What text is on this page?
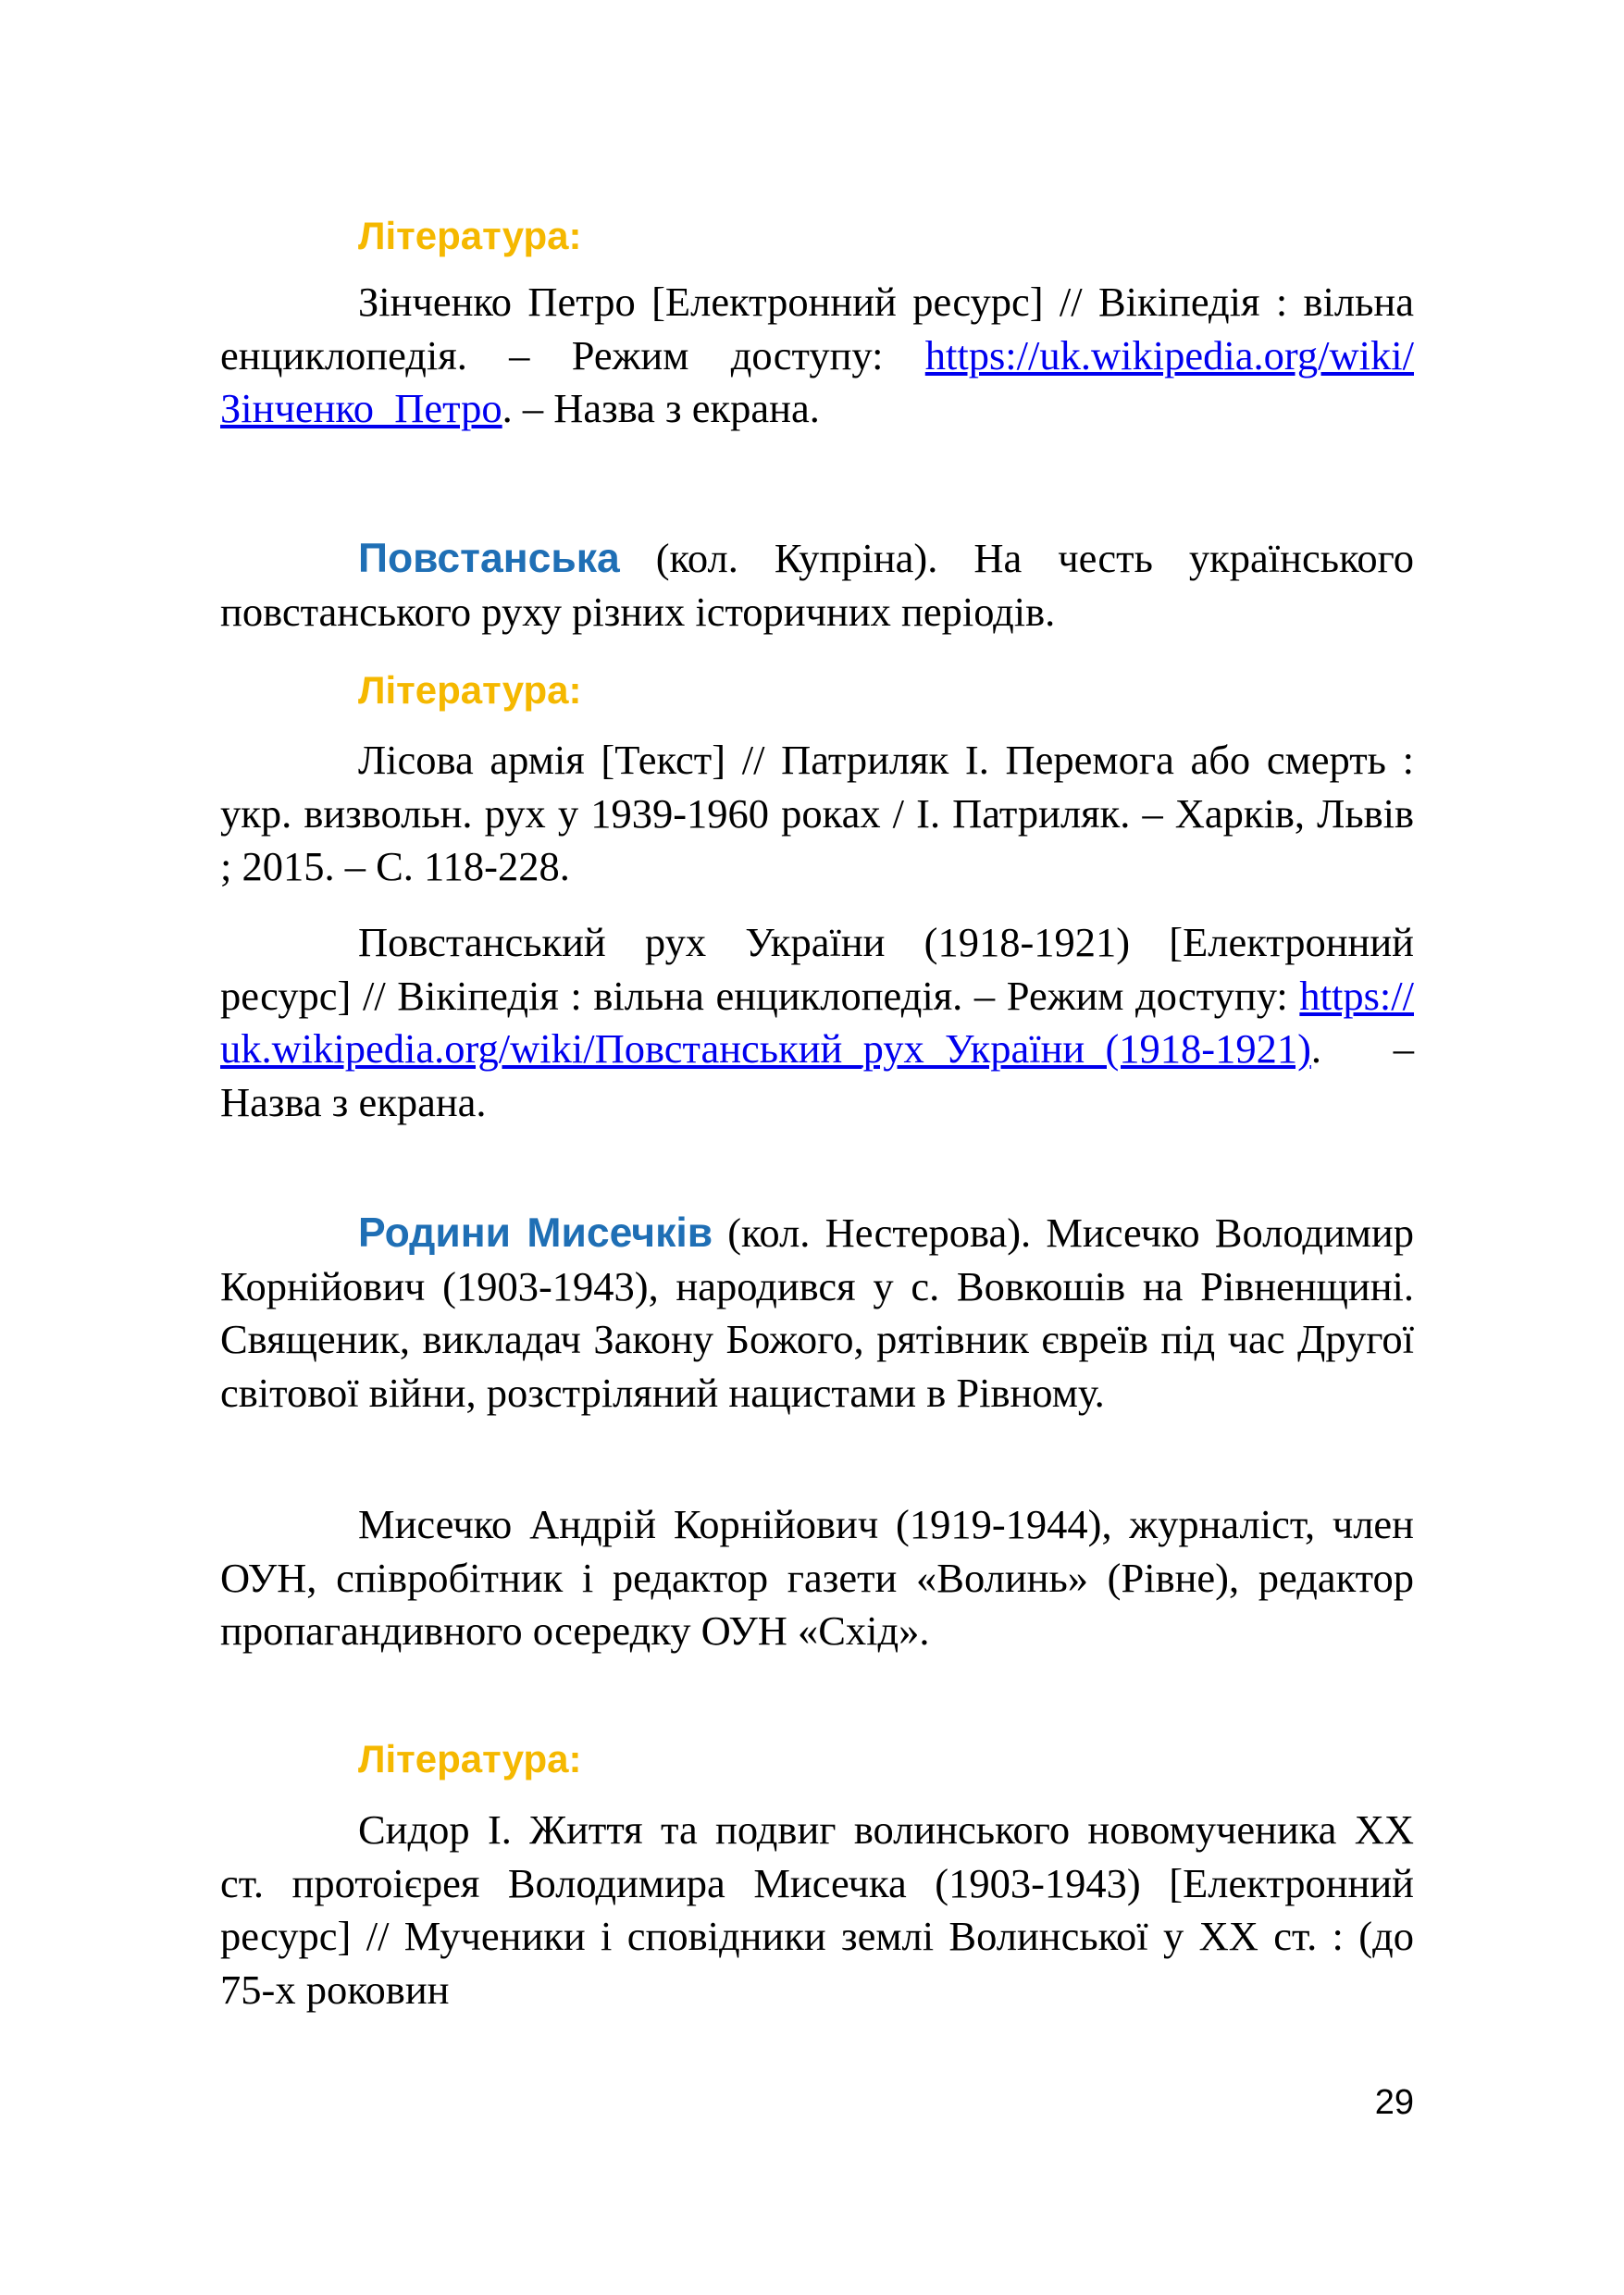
Література:

Зінченко Петро [Електронний ресурс] // Вікіпедія : вільна енциклопедія. – Режим доступу: https://uk.wikipedia.org/wiki/Зінченко_Петро. – Назва з екрана.

Повстанська (кол. Купріна). На честь українського повстанського руху різних історичних періодів.

Література:

Лісова армія [Текст] // Патриляк І. Перемога або смерть : укр. визвольн. рух у 1939-1960 роках / І. Патриляк. – Харків, Львів ; 2015. – С. 118-228.

Повстанський рух України (1918-1921) [Електронний ресурс] // Вікіпедія : вільна енциклопедія. – Режим доступу: https://uk.wikipedia.org/wiki/Повстанський_рух_України_(1918-1921). – Назва з екрана.

Родини Мисечків (кол. Нестерова). Мисечко Володимир Корнійович (1903-1943), народився у с. Вовкошів на Рівненщині. Священик, викладач Закону Божого, рятівник євреїв під час Другої світової війни, розстріляний нацистами в Рівному.

Мисечко Андрій Корнійович (1919-1944), журналіст, член ОУН, співробітник і редактор газети «Волинь» (Рівне), редактор пропагандивного осередку ОУН «Схід».

Література:

Сидор І. Життя та подвиг волинського новомученика ХХ ст. протоієрея Володимира Мисечка (1903-1943) [Електронний ресурс] // Мученики і сповідники землі Волинської у ХХ ст. : (до 75-х роковин

29
